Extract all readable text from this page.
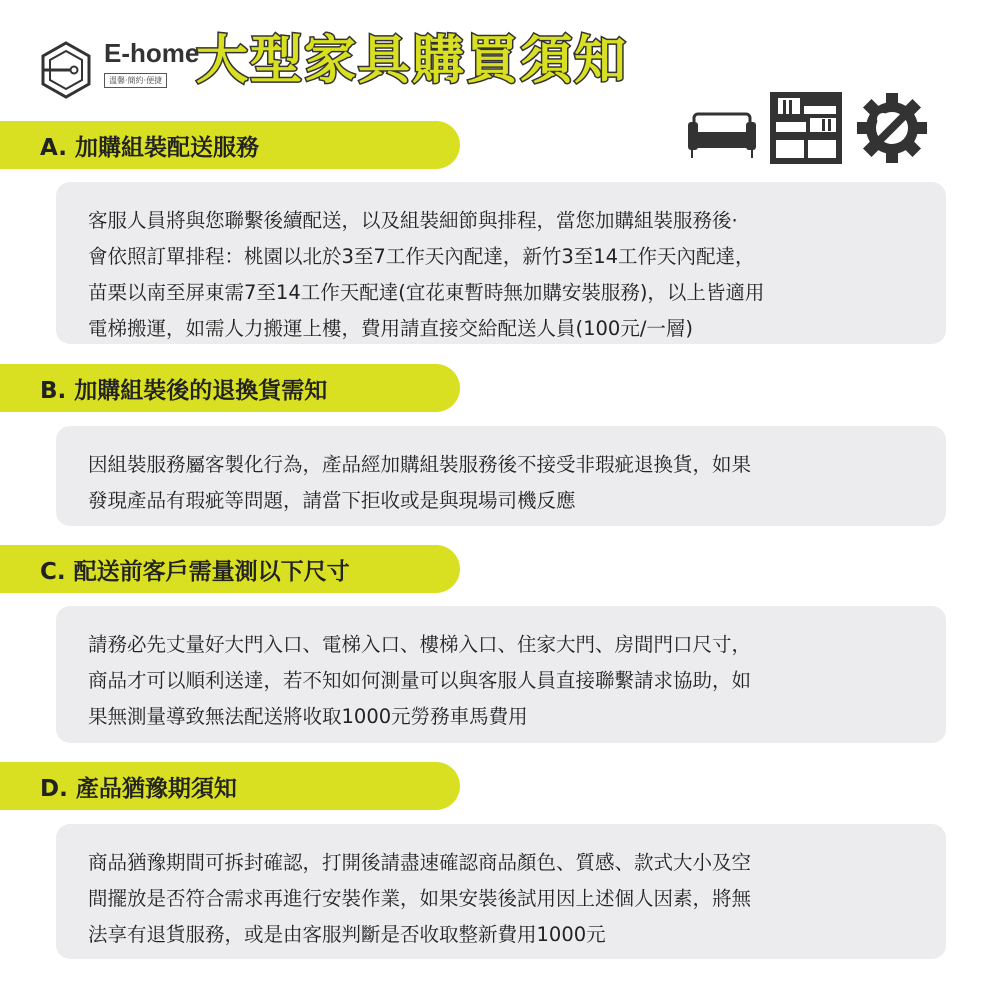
E-home
溫馨·簡約·便捷 大型家具購買須知
A. 加購組裝配送服務

客服人員將與您聯繫後續配送，以及組裝細節與排程，當您加購組裝服務後·

會依照訂單排程：桃園以北於3至7工作天內配達，新竹3至14工作天內配達，

苗栗以南至屏東需7至14工作天配達(宜花東暫時無加購安裝服務)，以上皆適用

電梯搬運，如需人力搬運上樓，費用請直接交給配送人員(100元/一層)

B. 加購組裝後的退換貨需知

因組裝服務屬客製化行為，產品經加購組裝服務後不接受非瑕疵退換貨，如果

發現產品有瑕疵等問題，請當下拒收或是與現場司機反應

C. 配送前客戶需量測以下尺寸

請務必先丈量好大門入口、電梯入口、樓梯入口、住家大門、房間門口尺寸，

商品才可以順利送達，若不知如何測量可以與客服人員直接聯繫請求協助，如

果無測量導致無法配送將收取1000元勞務車馬費用

D. 產品猶豫期須知

商品猶豫期間可拆封確認，打開後請盡速確認商品顏色、質感、款式大小及空

間擺放是否符合需求再進行安裝作業，如果安裝後試用因上述個人因素，將無

法享有退貨服務，或是由客服判斷是否收取整新費用1000元
